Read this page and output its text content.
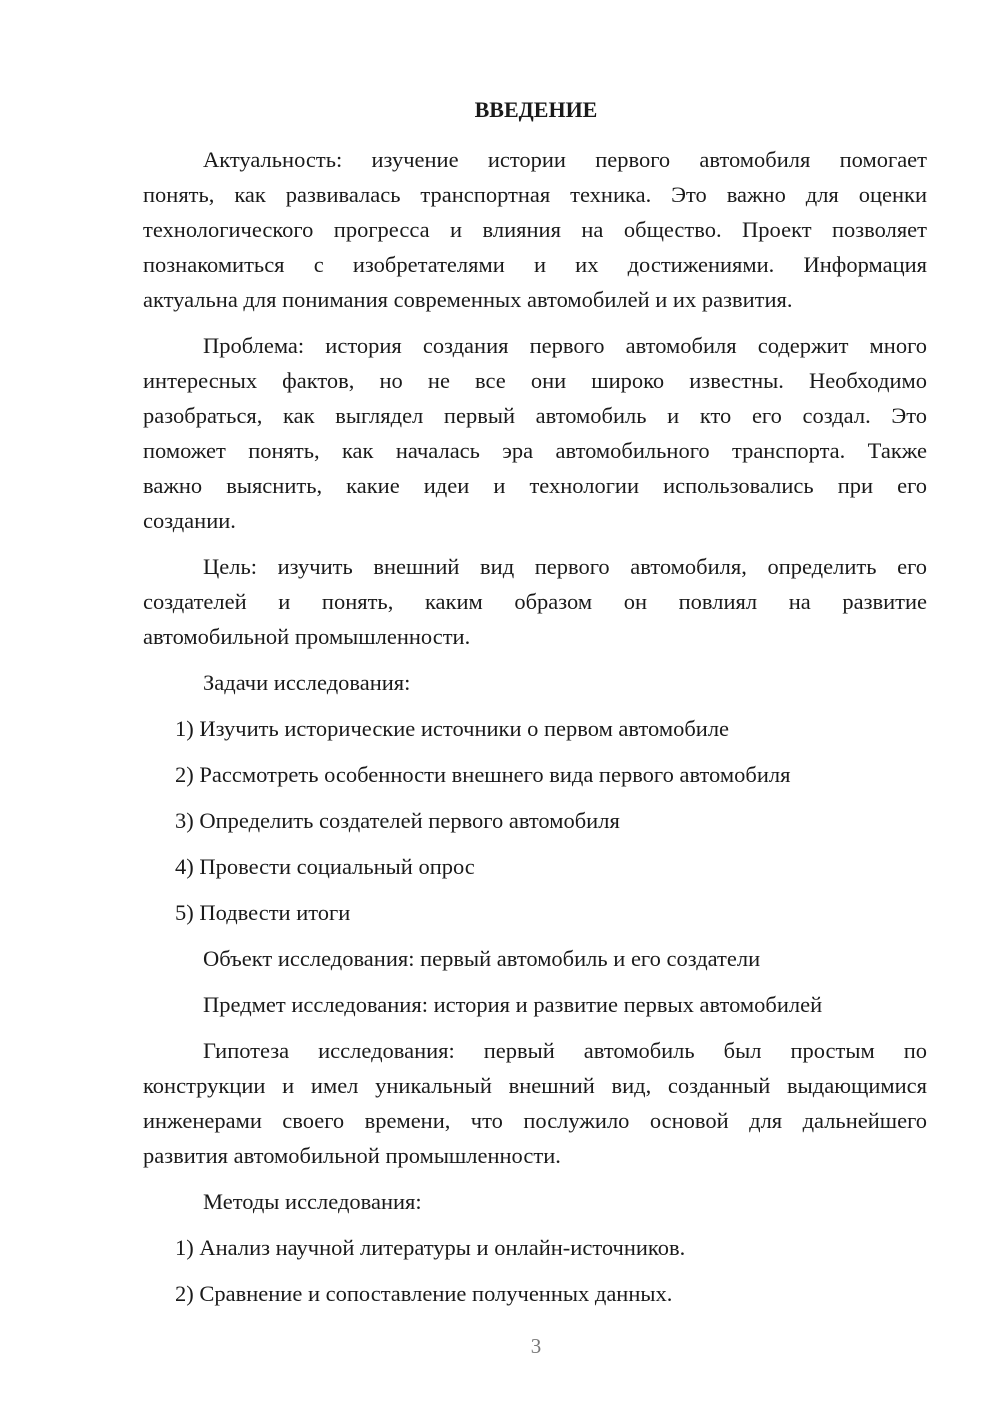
ВВЕДЕНИЕ
Актуальность: изучение истории первого автомобиля помогает
понять, как развивалась транспортная техника. Это важно для оценки
технологического прогресса и влияния на общество. Проект позволяет
познакомиться с изобретателями и их достижениями. Информация
актуальна для понимания современных автомобилей и их развития.
Проблема: история создания первого автомобиля содержит много
интересных фактов, но не все они широко известны. Необходимо
разобраться, как выглядел первый автомобиль и кто его создал. Это
поможет понять, как началась эра автомобильного транспорта. Также
важно выяснить, какие идеи и технологии использовались при его
создании.
Цель: изучить внешний вид первого автомобиля, определить его
создателей и понять, каким образом он повлиял на развитие
автомобильной промышленности.
Задачи исследования:
1) Изучить исторические источники о первом автомобиле
2) Рассмотреть особенности внешнего вида первого автомобиля
3) Определить создателей первого автомобиля
4) Провести социальный опрос
5) Подвести итоги
Объект исследования: первый автомобиль и его создатели
Предмет исследования: история и развитие первых автомобилей
Гипотеза исследования: первый автомобиль был простым по
конструкции и имел уникальный внешний вид, созданный выдающимися
инженерами своего времени, что послужило основой для дальнейшего
развития автомобильной промышленности.
Методы исследования:
1) Анализ научной литературы и онлайн-источников.
2) Сравнение и сопоставление полученных данных.
3
